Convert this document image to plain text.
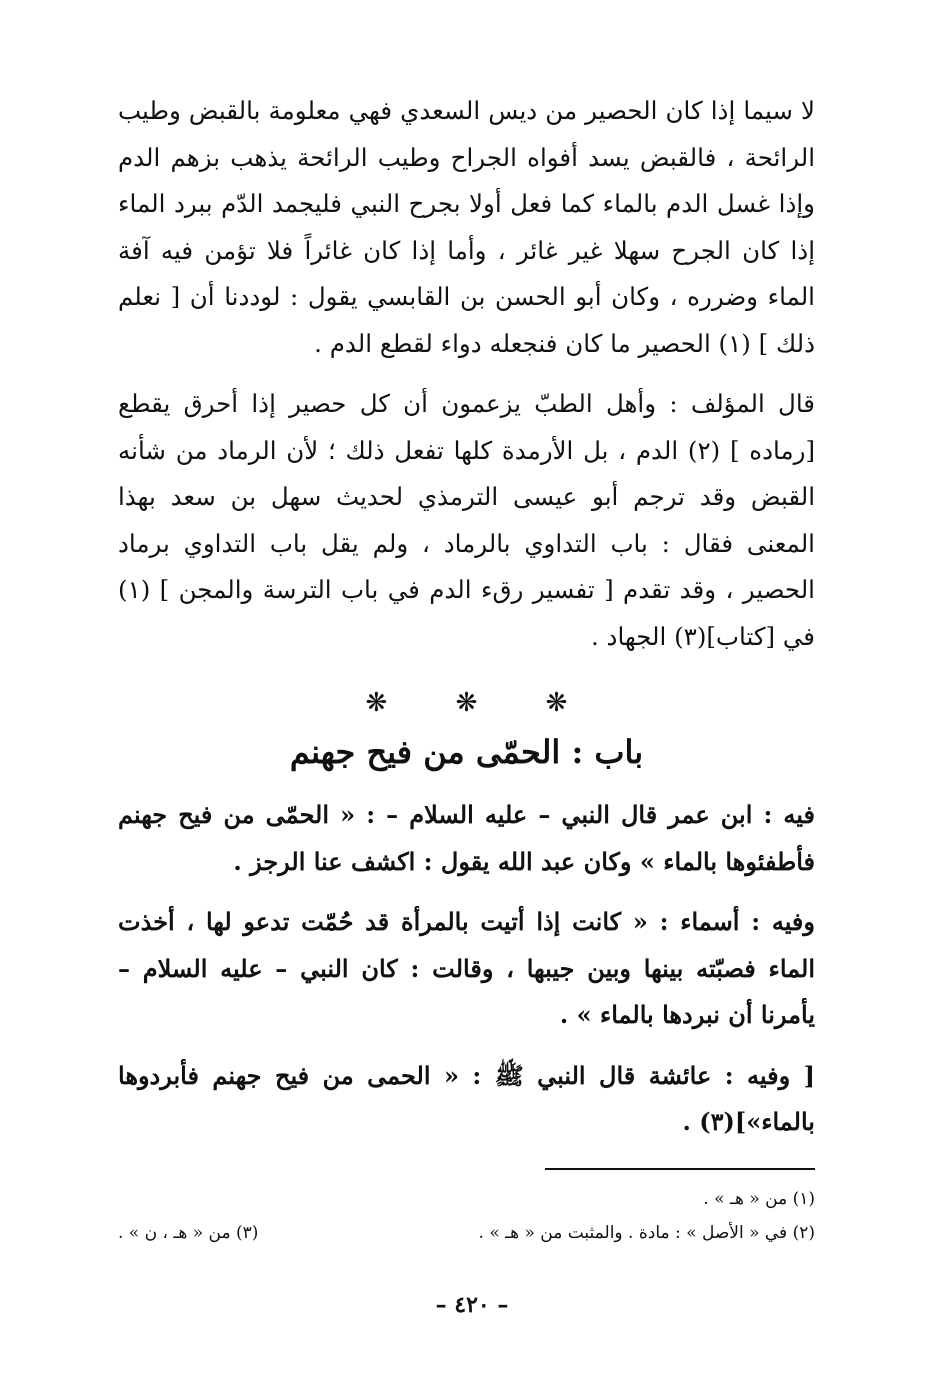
لا سيما إذا كان الحصير من ديس السعدي فهي معلومة بالقبض وطيب الرائحة ، فالقبض يسد أفواه الجراح وطيب الرائحة يذهب بزهم الدم وإذا غسل الدم بالماء كما فعل أولا بجرح النبي فليجمد الدّم ببرد الماء إذا كان الجرح سهلا غير غائر ، وأما إذا كان غائراً فلا تؤمن فيه آفة الماء وضرره ، وكان أبو الحسن بن القابسي يقول : لوددنا أن [ نعلم ذلك ] (١) الحصير ما كان فنجعله دواء لقطع الدم .

قال المؤلف : وأهل الطبّ يزعمون أن كل حصير إذا أحرق يقطع [رماده ] (٢) الدم ، بل الأرمدة كلها تفعل ذلك ؛ لأن الرماد من شأنه القبض وقد ترجم أبو عيسى الترمذي لحديث سهل بن سعد بهذا المعنى فقال : باب التداوي بالرماد ، ولم يقل باب التداوي برماد الحصير ، وقد تقدم [ تفسير رقء الدم في باب الترسة والمجن ] (١) في [كتاب](٣) الجهاد .

❋	❋	❋
باب : الحمّى من فيح جهنم

فيه : ابن عمر قال النبي – عليه السلام – : « الحمّى من فيح جهنم فأطفئوها بالماء » وكان عبد الله يقول : اكشف عنا الرجز .

وفيه : أسماء : « كانت إذا أتيت بالمرأة قد حُمّت تدعو لها ، أخذت الماء فصبّته بينها وبين جيبها ، وقالت : كان النبي – عليه السلام – يأمرنا أن نبردها بالماء » .

[ وفيه : عائشة قال النبي ﷺ : « الحمى من فيح جهنم فأبردوها بالماء»](٣) .

(١) من « هـ » .
(٢) في « الأصل » : مادة . والمثبت من « هـ » .
(٣) من « هـ ، ن » .
– ٤٢٠ –
